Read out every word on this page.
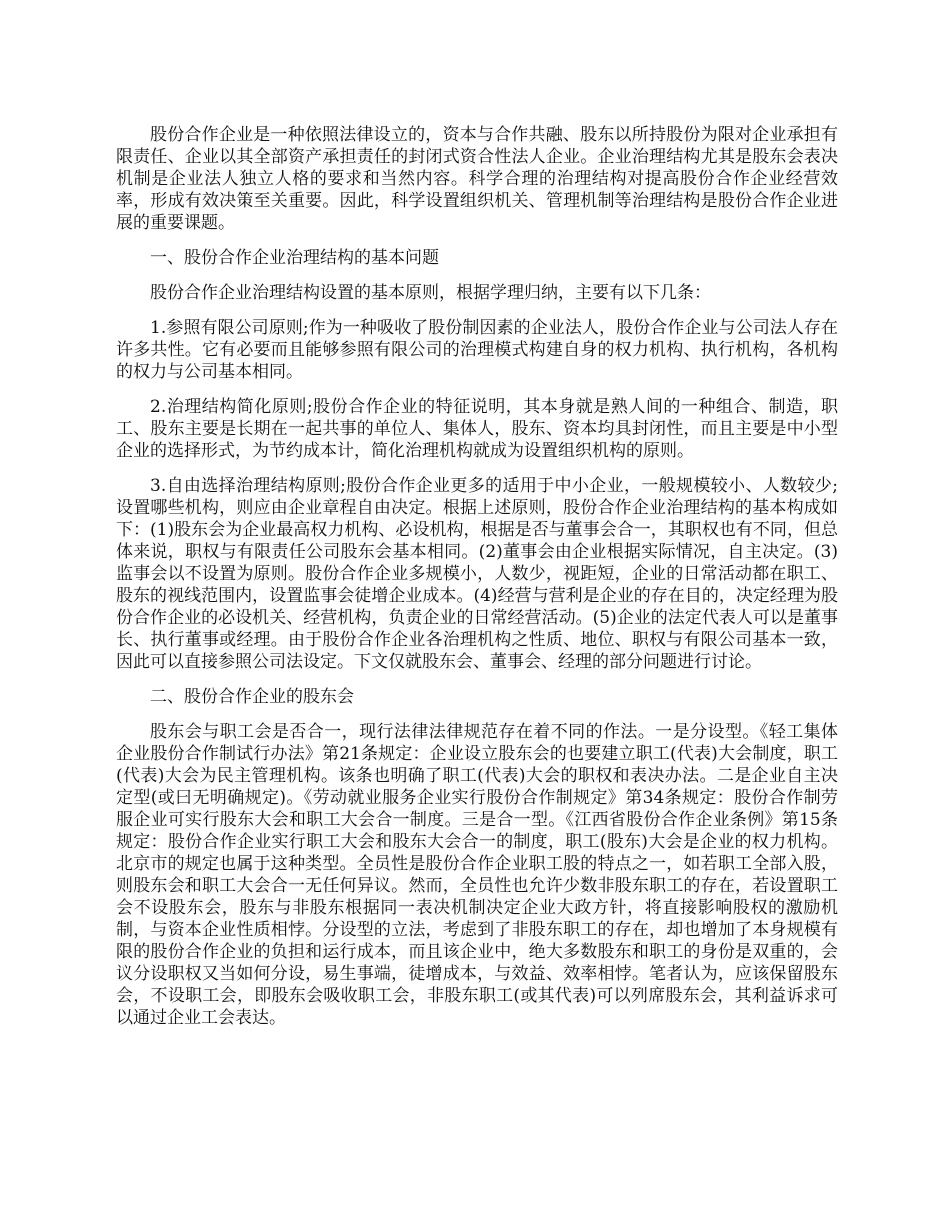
股份合作企业是一种依照法律设立的，资本与合作共融、股东以所持股份为限对企业承担有限责任、企业以其全部资产承担责任的封闭式资合性法人企业。企业治理结构尤其是股东会表决机制是企业法人独立人格的要求和当然内容。科学合理的治理结构对提高股份合作企业经营效率，形成有效决策至关重要。因此，科学设置组织机关、管理机制等治理结构是股份合作企业进展的重要课题。

一、股份合作企业治理结构的基本问题

股份合作企业治理结构设置的基本原则，根据学理归纳，主要有以下几条：

1.参照有限公司原则;作为一种吸收了股份制因素的企业法人，股份合作企业与公司法人存在许多共性。它有必要而且能够参照有限公司的治理模式构建自身的权力机构、执行机构，各机构的权力与公司基本相同。

2.治理结构简化原则;股份合作企业的特征说明，其本身就是熟人间的一种组合、制造，职工、股东主要是长期在一起共事的单位人、集体人，股东、资本均具封闭性，而且主要是中小型企业的选择形式，为节约成本计，简化治理机构就成为设置组织机构的原则。

3.自由选择治理结构原则;股份合作企业更多的适用于中小企业，一般规模较小、人数较少;设置哪些机构，则应由企业章程自由决定。根据上述原则，股份合作企业治理结构的基本构成如下：(1)股东会为企业最高权力机构、必设机构，根据是否与董事会合一，其职权也有不同，但总体来说，职权与有限责任公司股东会基本相同。(2)董事会由企业根据实际情况，自主决定。(3)监事会以不设置为原则。股份合作企业多规模小，人数少，视距短，企业的日常活动都在职工、股东的视线范围内，设置监事会徒增企业成本。(4)经营与营利是企业的存在目的，决定经理为股份合作企业的必设机关、经营机构，负责企业的日常经营活动。(5)企业的法定代表人可以是董事长、执行董事或经理。由于股份合作企业各治理机构之性质、地位、职权与有限公司基本一致，因此可以直接参照公司法设定。下文仅就股东会、董事会、经理的部分问题进行讨论。

二、股份合作企业的股东会

股东会与职工会是否合一，现行法律法律规范存在着不同的作法。一是分设型。《轻工集体企业股份合作制试行办法》第21条规定：企业设立股东会的也要建立职工(代表)大会制度，职工(代表)大会为民主管理机构。该条也明确了职工(代表)大会的职权和表决办法。二是企业自主决定型(或曰无明确规定)。《劳动就业服务企业实行股份合作制规定》第34条规定：股份合作制劳服企业可实行股东大会和职工大会合一制度。三是合一型。《江西省股份合作企业条例》第15条规定：股份合作企业实行职工大会和股东大会合一的制度，职工(股东)大会是企业的权力机构。北京市的规定也属于这种类型。全员性是股份合作企业职工股的特点之一，如若职工全部入股，则股东会和职工大会合一无任何异议。然而，全员性也允许少数非股东职工的存在，若设置职工会不设股东会，股东与非股东根据同一表决机制决定企业大政方针，将直接影响股权的激励机制，与资本企业性质相悖。分设型的立法，考虑到了非股东职工的存在，却也增加了本身规模有限的股份合作企业的负担和运行成本，而且该企业中，绝大多数股东和职工的身份是双重的，会议分设职权又当如何分设，易生事端，徒增成本，与效益、效率相悖。笔者认为，应该保留股东会，不设职工会，即股东会吸收职工会，非股东职工(或其代表)可以列席股东会，其利益诉求可以通过企业工会表达。
